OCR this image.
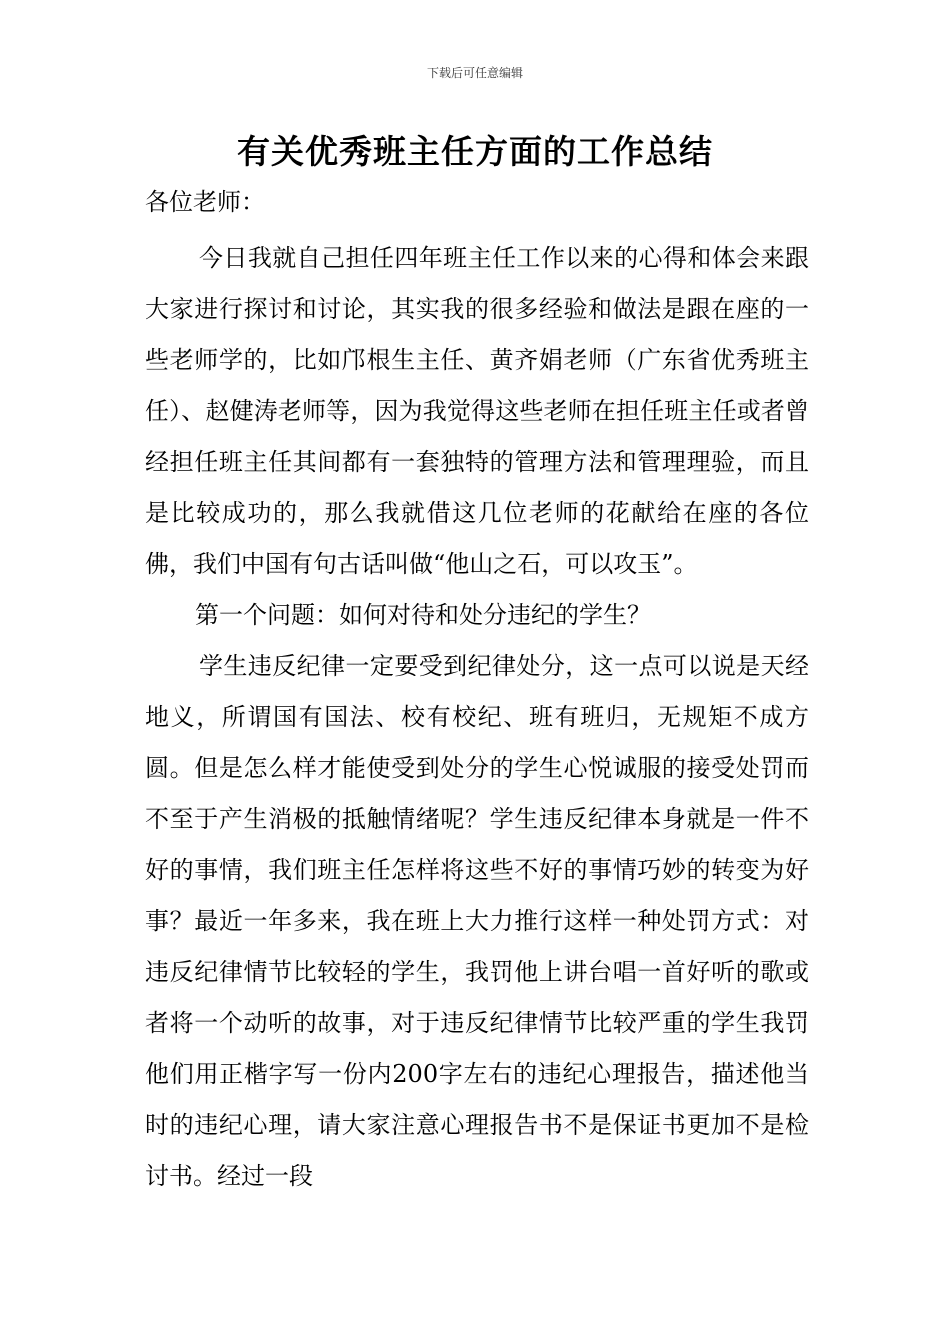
下载后可任意编辑
有关优秀班主任方面的工作总结

各位老师：

今日我就自己担任四年班主任工作以来的心得和体会来跟大家进行探讨和讨论，其实我的很多经验和做法是跟在座的一些老师学的，比如邝根生主任、黄齐娟老师（广东省优秀班主任）、赵健涛老师等，因为我觉得这些老师在担任班主任或者曾经担任班主任其间都有一套独特的管理方法和管理理验，而且是比较成功的，那么我就借这几位老师的花献给在座的各位佛，我们中国有句古话叫做“他山之石，可以攻玉”。

第一个问题：如何对待和处分违纪的学生？

学生违反纪律一定要受到纪律处分，这一点可以说是天经地义，所谓国有国法、校有校纪、班有班归，无规矩不成方圆。但是怎么样才能使受到处分的学生心悦诚服的接受处罚而不至于产生消极的抵触情绪呢？学生违反纪律本身就是一件不好的事情，我们班主任怎样将这些不好的事情巧妙的转变为好事？最近一年多来，我在班上大力推行这样一种处罚方式：对违反纪律情节比较轻的学生，我罚他上讲台唱一首好听的歌或者将一个动听的故事，对于违反纪律情节比较严重的学生我罚他们用正楷字写一份内200字左右的违纪心理报告，描述他当时的违纪心理，请大家注意心理报告书不是保证书更加不是检讨书。经过一段
